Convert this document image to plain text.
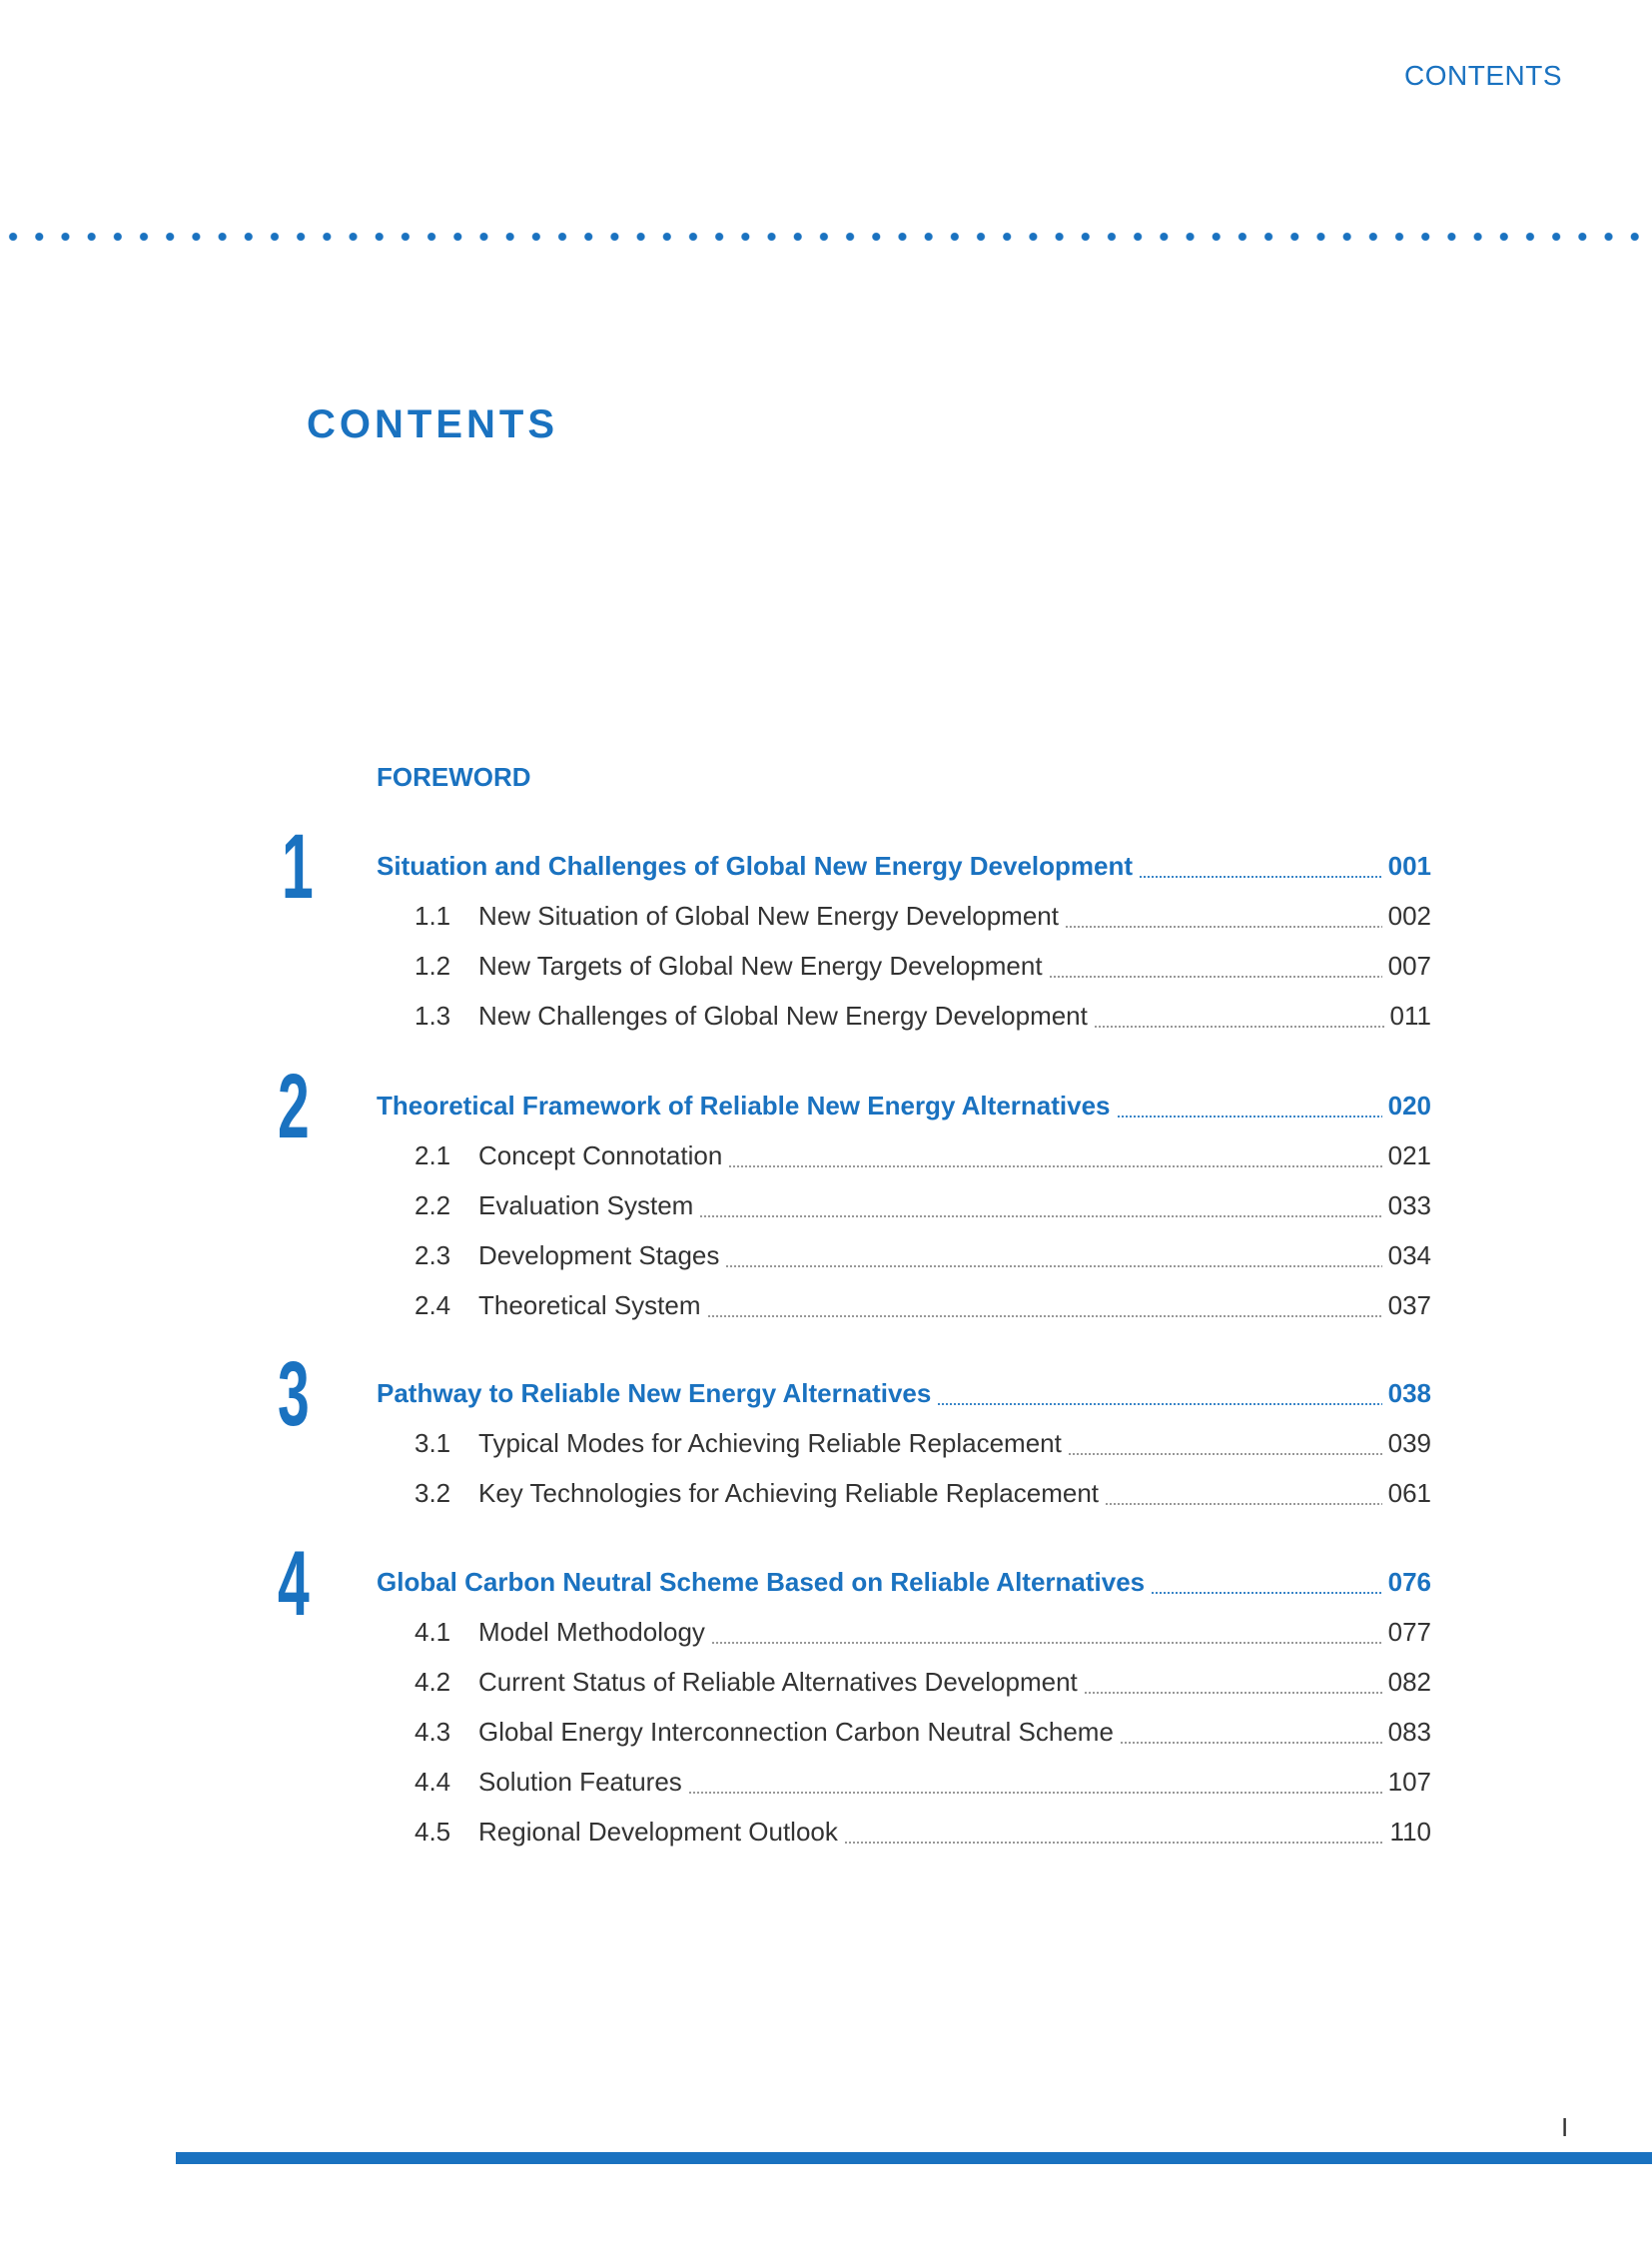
CONTENTS
CONTENTS
FOREWORD
1 Situation and Challenges of Global New Energy Development	001
1.1	New Situation of Global New Energy Development	002
1.2	New Targets of Global New Energy Development	007
1.3	New Challenges of Global New Energy Development	011
2	Theoretical Framework of Reliable New Energy Alternatives	020
2.1	Concept Connotation	021
2.2	Evaluation System	033
2.3	Development Stages	034
2.4	Theoretical System	037
3	Pathway to Reliable New Energy Alternatives	038
3.1	Typical Modes for Achieving Reliable Replacement	039
3.2	Key Technologies for Achieving Reliable Replacement	061
4	Global Carbon Neutral Scheme Based on Reliable Alternatives	076
4.1	Model Methodology	077
4.2	Current Status of Reliable Alternatives Development	082
4.3	Global Energy Interconnection Carbon Neutral Scheme	083
4.4	Solution Features	107
4.5	Regional Development Outlook	110
I
